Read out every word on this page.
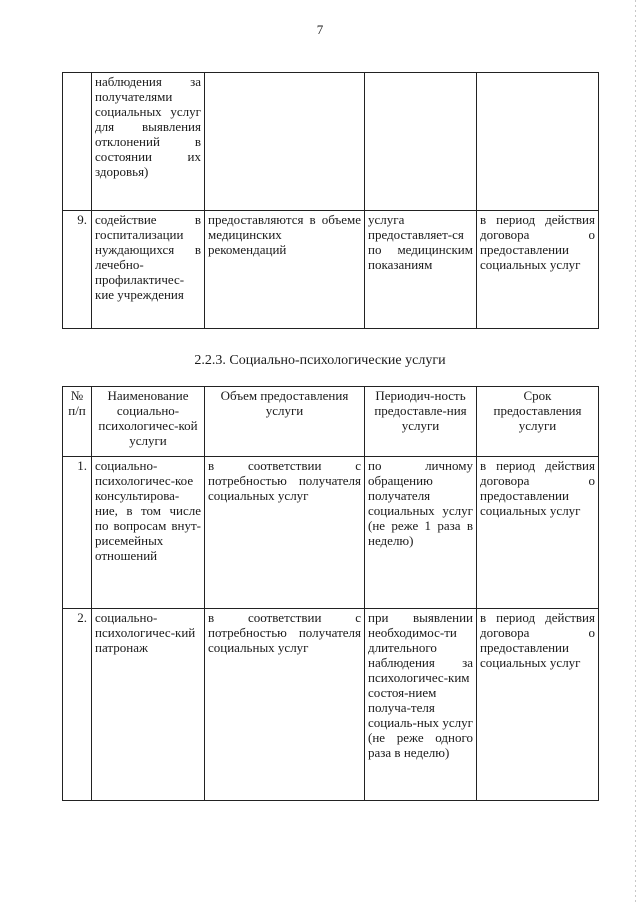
7
	наблюдения за получателями социальных услуг для выявления отклонений в состоянии их здоровья)			
9.	содействие в госпитализации нуждающихся в лечебно-профилактичес-кие учреждения	предоставляются в объеме медицинских рекомендаций	услуга предоставляет-ся по медицинским показаниям	в период действия договора о предоставлении социальных услуг
2.2.3. Социально-психологические услуги
№ п/п	Наименование социально-психологичес-кой услуги	Объем предоставления услуги	Периодич-ность предоставле-ния услуги	Срок предоставления услуги
1.	социально-психологичес-кое консультирова-ние, в том числе по вопросам внут-рисемейных отношений	в соответствии с потребностью получателя социальных услуг	по личному обращению получателя социальных услуг (не реже 1 раза в неделю)	в период действия договора о предоставлении социальных услуг
2.	социально-психологичес-кий патронаж	в соответствии с потребностью получателя социальных услуг	при выявлении необходимос-ти длительного наблюдения за психологичес-ким состоя-нием получа-теля социаль-ных услуг (не реже одного раза в неделю)	в период действия договора о предоставлении социальных услуг
